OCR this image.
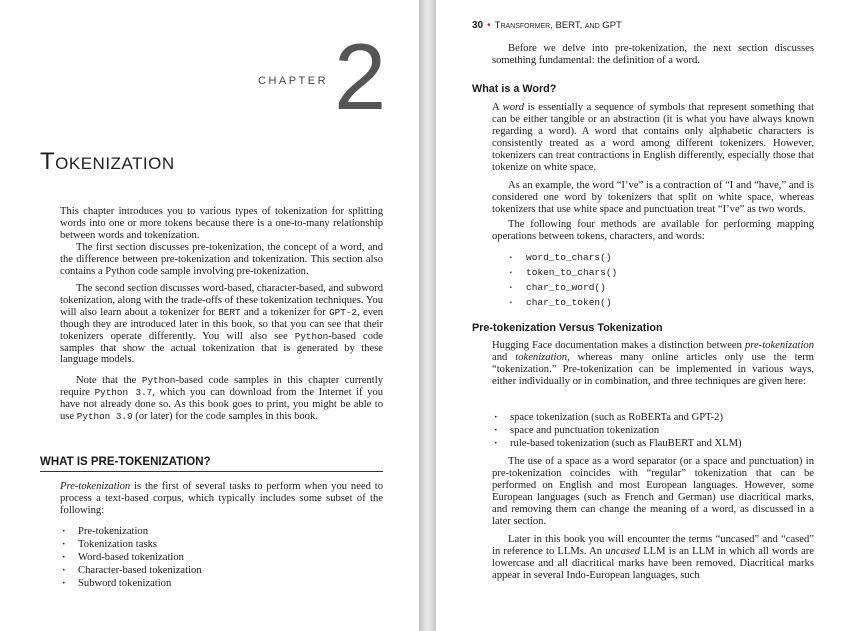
CHAPTER 2
Tokenization

This chapter introduces you to various types of tokenization for splitting words into one or more tokens because there is a one-to-many relationship between words and tokenization.

The first section discusses pre-tokenization, the concept of a word, and the difference between pre-tokenization and tokenization. This section also contains a Python code sample involving pre-tokenization.

The second section discusses word-based, character-based, and subword tokenization, along with the trade-offs of these tokenization techniques. You will also learn about a tokenizer for BERT and a tokenizer for GPT-2, even though they are introduced later in this book, so that you can see that their tokenizers operate differently. You will also see Python-based code samples that show the actual tokenization that is generated by these language models.

Note that the Python-based code samples in this chapter currently require Python 3.7, which you can download from the Internet if you have not already done so. As this book goes to print, you might be able to use Python 3.9 (or later) for the code samples in this book.

WHAT IS PRE-TOKENIZATION?

Pre-tokenization is the first of several tasks to perform when you need to process a text-based corpus, which typically includes some subset of the following:

· Pre-tokenization
· Tokenization tasks
· Word-based tokenization
· Character-based tokenization
· Subword tokenization
30 • Transformer, BERT, and GPT

Before we delve into pre-tokenization, the next section discusses something fundamental: the definition of a word.

What is a Word?

A word is essentially a sequence of symbols that represent something that can be either tangible or an abstraction (it is what you have always known regarding a word). A word that contains only alphabetic characters is consistently treated as a word among different tokenizers. However, tokenizers can treat contractions in English differently, especially those that tokenize on white space.

As an example, the word “I’ve” is a contraction of “I and “have,” and is considered one word by tokenizers that split on white space, whereas tokenizers that use white space and punctuation treat “I’ve” as two words.

The following four methods are available for performing mapping operations between tokens, characters, and words:

· word_to_chars()
· token_to_chars()
· char_to_word()
· char_to_token()
Pre-tokenization Versus Tokenization

Hugging Face documentation makes a distinction between pre-tokenization and tokenization, whereas many online articles only use the term “tokenization.” Pre-tokenization can be implemented in various ways, either individually or in combination, and three techniques are given here:

· space tokenization (such as RoBERTa and GPT-2)
· space and punctuation tokenization
· rule-based tokenization (such as FlauBERT and XLM)

The use of a space as a word separator (or a space and punctuation) in pre-tokenization coincides with “regular” tokenization that can be performed on English and most European languages. However, some European languages (such as French and German) use diacritical marks, and removing them can change the meaning of a word, as discussed in a later section.

Later in this book you will encounter the terms “uncased” and “cased” in reference to LLMs. An uncased LLM is an LLM in which all words are lowercase and all diacritical marks have been removed. Diacritical marks appear in several Indo-European languages, such
